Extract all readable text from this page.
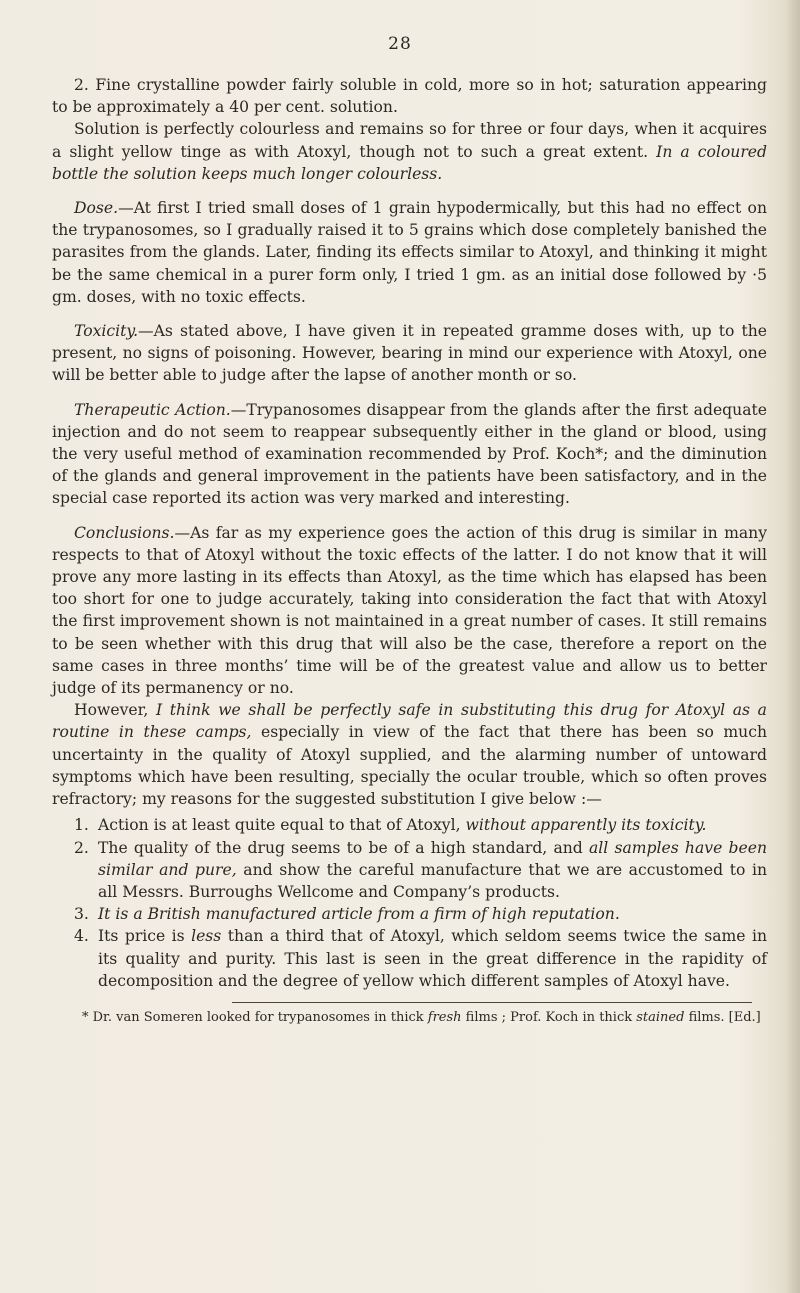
28

2. Fine crystalline powder fairly soluble in cold, more so in hot; saturation appearing to be approximately a 40 per cent. solution.

Solution is perfectly colourless and remains so for three or four days, when it acquires a slight yellow tinge as with Atoxyl, though not to such a great extent. In a coloured bottle the solution keeps much longer colourless.

Dose.—At first I tried small doses of 1 grain hypodermically, but this had no effect on the trypanosomes, so I gradually raised it to 5 grains which dose completely banished the parasites from the glands. Later, finding its effects similar to Atoxyl, and thinking it might be the same chemical in a purer form only, I tried 1 gm. as an initial dose followed by ·5 gm. doses, with no toxic effects.

Toxicity.—As stated above, I have given it in repeated gramme doses with, up to the present, no signs of poisoning. However, bearing in mind our experience with Atoxyl, one will be better able to judge after the lapse of another month or so.

Therapeutic Action.—Trypanosomes disappear from the glands after the first adequate injection and do not seem to reappear subsequently either in the gland or blood, using the very useful method of examination recommended by Prof. Koch*; and the diminution of the glands and general improvement in the patients have been satisfactory, and in the special case reported its action was very marked and interesting.

Conclusions.—As far as my experience goes the action of this drug is similar in many respects to that of Atoxyl without the toxic effects of the latter. I do not know that it will prove any more lasting in its effects than Atoxyl, as the time which has elapsed has been too short for one to judge accurately, taking into consideration the fact that with Atoxyl the first improvement shown is not maintained in a great number of cases. It still remains to be seen whether with this drug that will also be the case, therefore a report on the same cases in three months’ time will be of the greatest value and allow us to better judge of its permanency or no.

However, I think we shall be perfectly safe in substituting this drug for Atoxyl as a routine in these camps, especially in view of the fact that there has been so much uncertainty in the quality of Atoxyl supplied, and the alarming number of untoward symptoms which have been resulting, specially the ocular trouble, which so often proves refractory; my reasons for the suggested substitution I give below :—

1. Action is at least quite equal to that of Atoxyl, without apparently its toxicity.
2. The quality of the drug seems to be of a high standard, and all samples have been similar and pure, and show the careful manufacture that we are accustomed to in all Messrs. Burroughs Wellcome and Company’s products.
3. It is a British manufactured article from a firm of high reputation.
4. Its price is less than a third that of Atoxyl, which seldom seems twice the same in its quality and purity. This last is seen in the great difference in the rapidity of decomposition and the degree of yellow which different samples of Atoxyl have.

* Dr. van Someren looked for trypanosomes in thick fresh films ; Prof. Koch in thick stained films. [Ed.]
